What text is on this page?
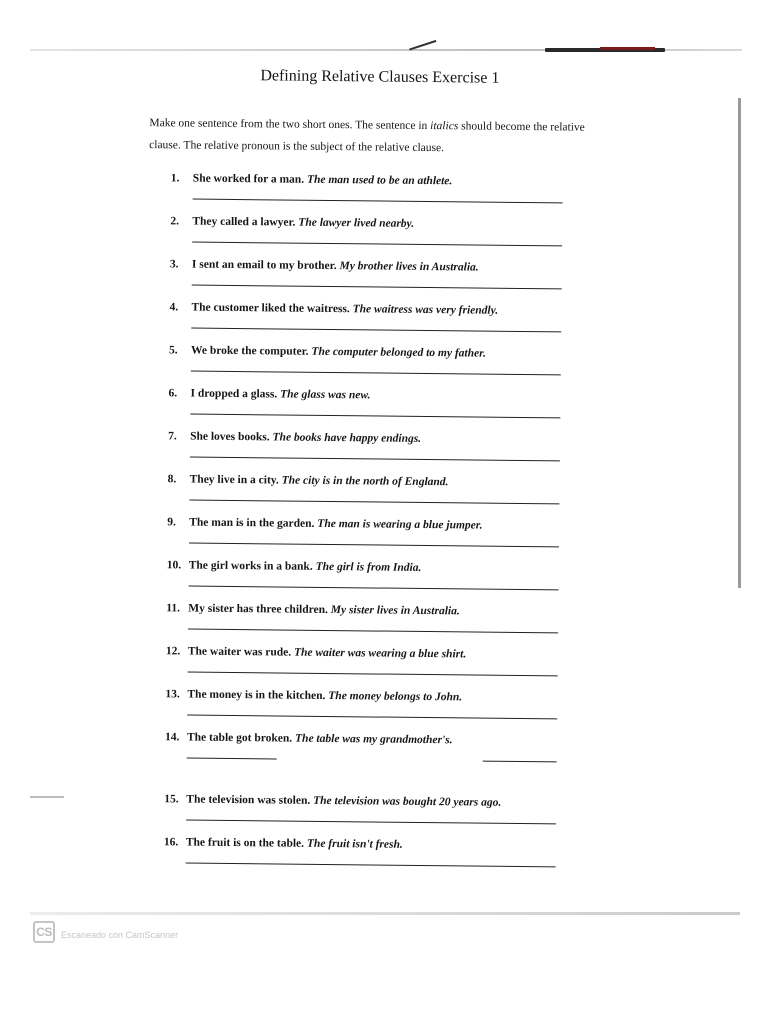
Defining Relative Clauses Exercise 1

Make one sentence from the two short ones. The sentence in italics should become the relative clause. The relative pronoun is the subject of the relative clause.

1.	She worked for a man. The man used to be an athlete.
2.	They called a lawyer. The lawyer lived nearby.
3.	I sent an email to my brother. My brother lives in Australia.
4.	The customer liked the waitress. The waitress was very friendly.
5.	We broke the computer. The computer belonged to my father.
6.	I dropped a glass. The glass was new.
7.	She loves books. The books have happy endings.
8.	They live in a city. The city is in the north of England.
9.	The man is in the garden. The man is wearing a blue jumper.
10. The girl works in a bank. The girl is from India.
11. My sister has three children. My sister lives in Australia.
12. The waiter was rude. The waiter was wearing a blue shirt.
13. The money is in the kitchen. The money belongs to John.
14. The table got broken. The table was my grandmother's.
15. The television was stolen. The television was bought 20 years ago.
16. The fruit is on the table. The fruit isn't fresh.
CS	Escaneado con CamScanner
